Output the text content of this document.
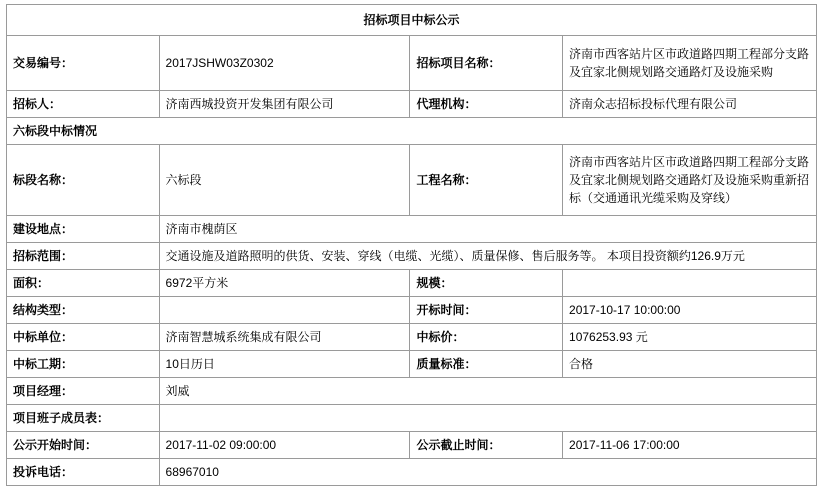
招标项目中标公示			
交易编号：	2017JSHW03Z0302	招标项目名称：	济南市西客站片区市政道路四期工程部分支路及宜家北侧规划路交通路灯及设施采购
招标人：	济南西城投资开发集团有限公司	代理机构：	济南众志招标投标代理有限公司
六标段中标情况			
标段名称：	六标段	工程名称：	济南市西客站片区市政道路四期工程部分支路及宜家北侧规划路交通路灯及设施采购重新招标（交通通讯光缆采购及穿线）
建设地点：	济南市槐荫区		
招标范围：	交通设施及道路照明的供货、安装、穿线（电缆、光缆）、质量保修、售后服务等。 本项目投资额约126.9万元		
面积：	6972平方米	规模：	
结构类型：		开标时间：	2017-10-17 10:00:00
中标单位：	济南智慧城系统集成有限公司	中标价：	1076253.93 元
中标工期：	10日历日	质量标准：	合格
项目经理：	刘威		
项目班子成员表：			
公示开始时间：	2017-11-02 09:00:00	公示截止时间：	2017-11-06 17:00:00
投诉电话：	68967010		
